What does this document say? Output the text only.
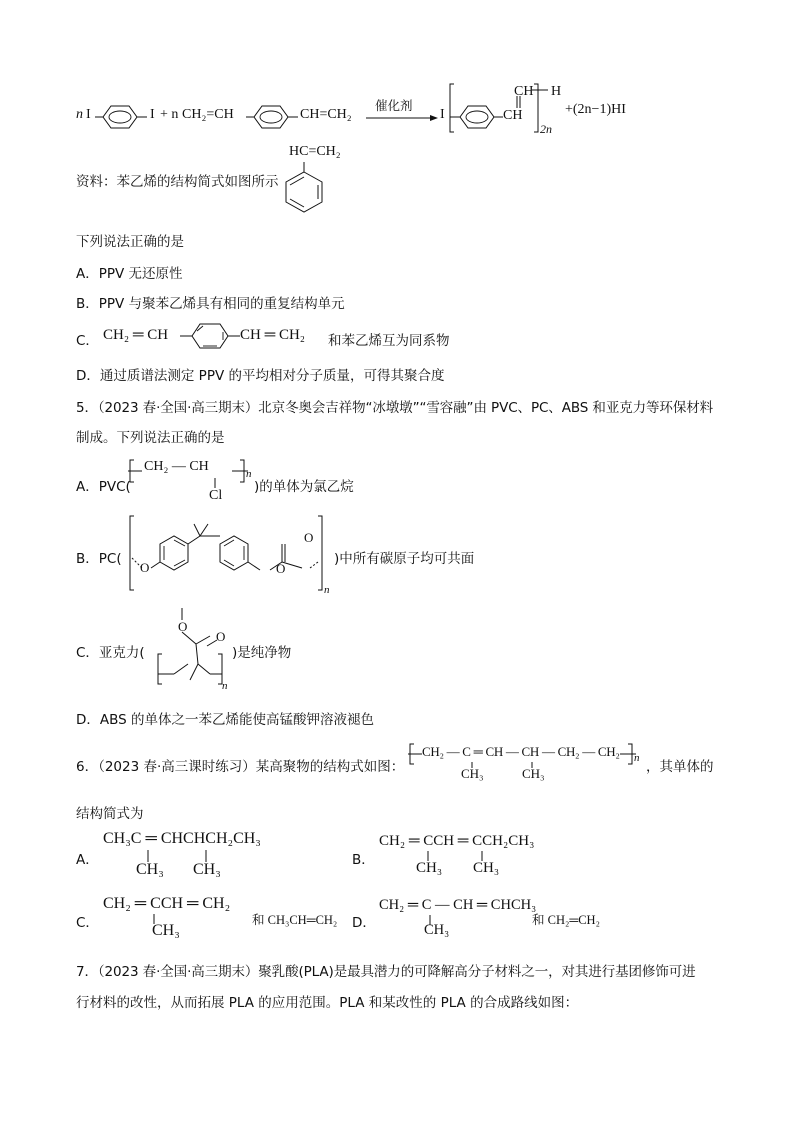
n I	I + n CH₂=CH	CH=CH₂
催化剂
I
CH
CH
H
2n
+(2n−1)HI
HC=CH₂
资料：苯乙烯的结构简式如图所示
下列说法正确的是
A．PPV 无还原性
B．PPV 与聚苯乙烯具有相同的重复结构单元
C． CH₂ ═ CH	CH ═ CH₂ 和苯乙烯互为同系物
D．通过质谱法测定 PPV 的平均相对分子质量，可得其聚合度
5．（2023 春·全国·高三期末）北京冬奥会吉祥物“冰墩墩”“雪容融”由 PVC、PC、ABS 和亚克力等环保材料
制成。下列说法正确的是
A．PVC(
CH₂ — CH	n
Cl
)的单体为氯乙烷
B．PC(
O	O
O
n
)中所有碳原子均可共面
C．亚克力(
O
O
n
)是纯净物
D．ABS 的单体之一苯乙烯能使高锰酸钾溶液褪色
6．（2023 春·高三课时练习）某高聚物的结构式如图：
CH₂ — C ═ CH — CH — CH₂ — CH₂
CH₃	CH₃
n
，其单体的
结构简式为
A．
CH₃C ═ CHCHCH₂CH₃
CH₃ CH₃
B．
CH₂ ═ CCH ═ CCH₂CH₃
CH₃ CH₃
C．
CH₂ ═ CCH ═ CH₂
CH₃
和 CH₃CH═CH₂ D．
CH₂ ═ C — CH ═ CHCH₃
CH₃
和 CH₂═CH₂
7．（2023 春·全国·高三期末）聚乳酸(PLA)是最具潜力的可降解高分子材料之一，对其进行基团修饰可进
行材料的改性，从而拓展 PLA 的应用范围。PLA 和某改性的 PLA 的合成路线如图：
